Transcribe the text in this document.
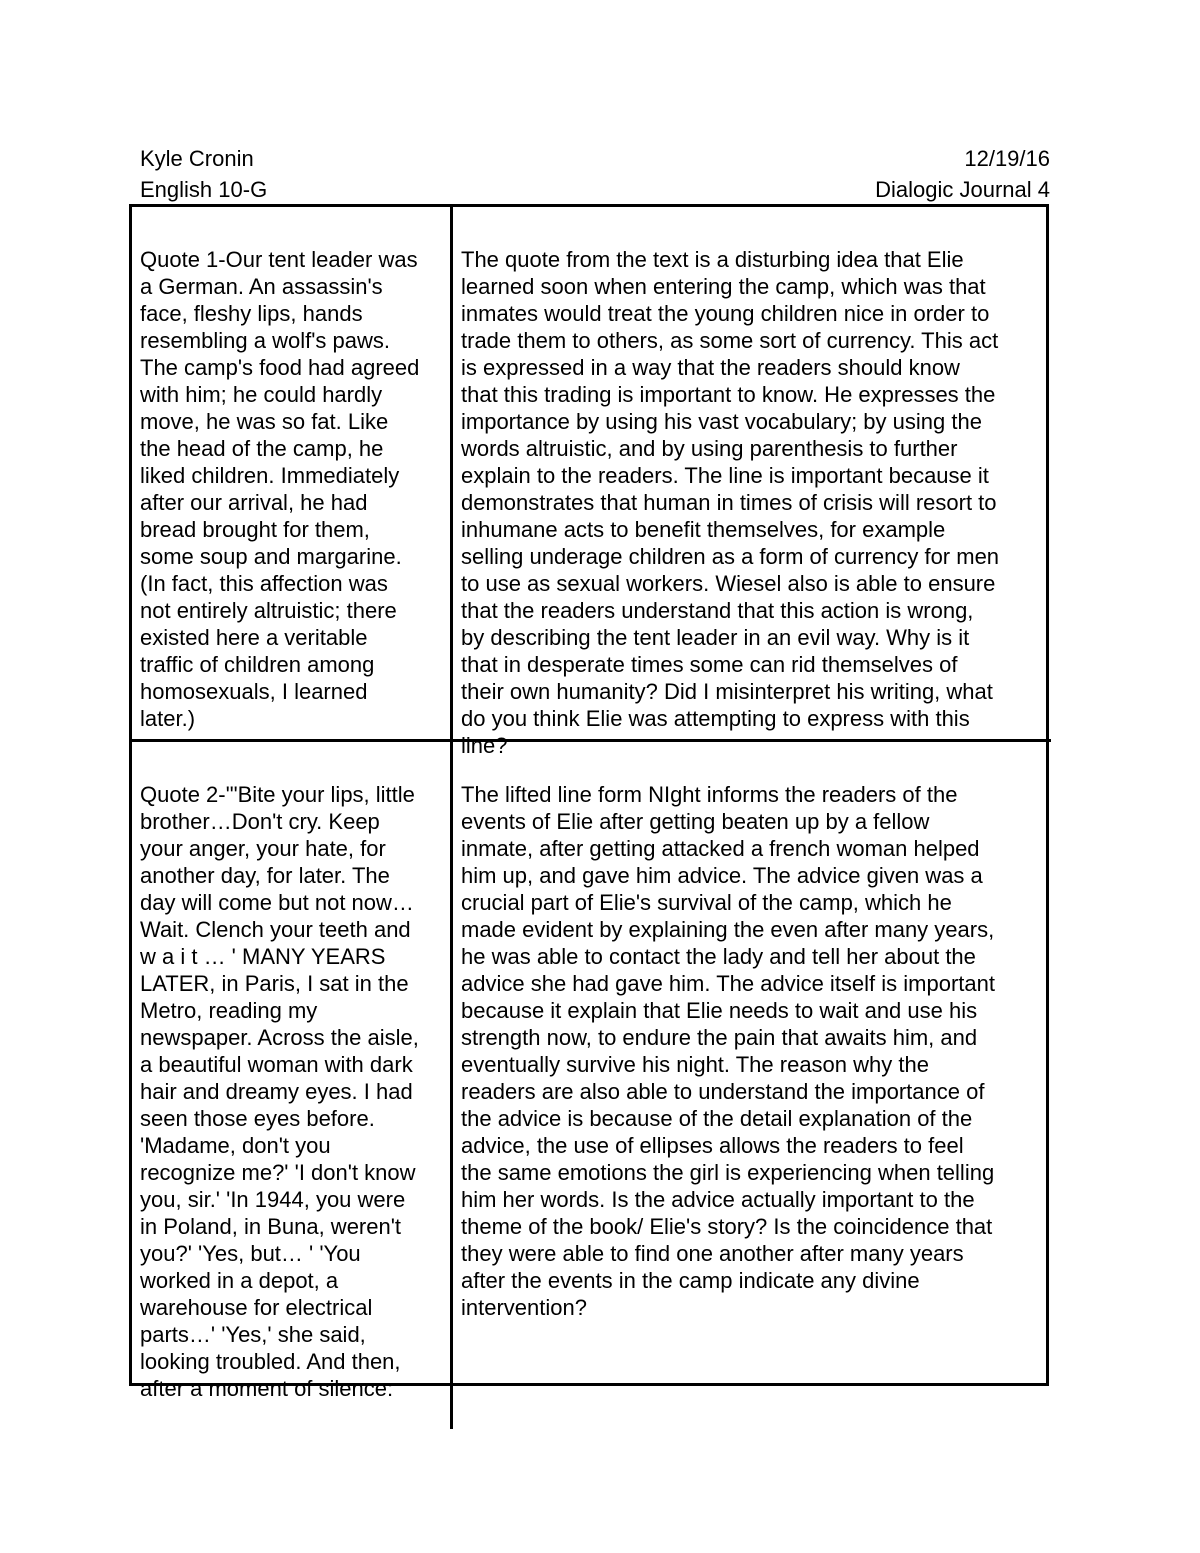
Kyle Cronin	12/19/16
English 10-G	Dialogic Journal 4

Quote 1-Our tent leader was
a German. An assassin's
face, fleshy lips, hands
resembling a wolf's paws.
The camp's food had agreed
with him; he could hardly
move, he was so fat. Like
the head of the camp, he
liked children. Immediately
after our arrival, he had
bread brought for them,
some soup and margarine.
(In fact, this affection was
not entirely altruistic; there
existed here a veritable
traffic of children among
homosexuals, I learned
later.)

The quote from the text is a disturbing idea that Elie
learned soon when entering the camp, which was that
inmates would treat the young children nice in order to
trade them to others, as some sort of currency. This act
is expressed in a way that the readers should know
that this trading is important to know. He expresses the
importance by using his vast vocabulary; by using the
words altruistic, and by using parenthesis to further
explain to the readers. The line is important because it
demonstrates that human in times of crisis will resort to
inhumane acts to benefit themselves, for example
selling underage children as a form of currency for men
to use as sexual workers. Wiesel also is able to ensure
that the readers understand that this action is wrong,
by describing the tent leader in an evil way. Why is it
that in desperate times some can rid themselves of
their own humanity? Did I misinterpret his writing, what
do you think Elie was attempting to express with this
line?

Quote 2-'"Bite your lips, little
brother…Don't cry. Keep
your anger, your hate, for
another day, for later. The
day will come but not now…
Wait. Clench your teeth and
w a i t … ' MANY YEARS
LATER, in Paris, I sat in the
Metro, reading my
newspaper. Across the aisle,
a beautiful woman with dark
hair and dreamy eyes. I had
seen those eyes before.
'Madame, don't you
recognize me?' 'I don't know
you, sir.' 'In 1944, you were
in Poland, in Buna, weren't
you?' 'Yes, but… ' 'You
worked in a depot, a
warehouse for electrical
parts…' 'Yes,' she said,
looking troubled. And then,
after a moment of silence:

The lifted line form NIght informs the readers of the
events of Elie after getting beaten up by a fellow
inmate, after getting attacked a french woman helped
him up, and gave him advice. The advice given was a
crucial part of Elie's survival of the camp, which he
made evident by explaining the even after many years,
he was able to contact the lady and tell her about the
advice she had gave him. The advice itself is important
because it explain that Elie needs to wait and use his
strength now, to endure the pain that awaits him, and
eventually survive his night. The reason why the
readers are also able to understand the importance of
the advice is because of the detail explanation of the
advice, the use of ellipses allows the readers to feel
the same emotions the girl is experiencing when telling
him her words. Is the advice actually important to the
theme of the book/ Elie's story? Is the coincidence that
they were able to find one another after many years
after the events in the camp indicate any divine
intervention?
